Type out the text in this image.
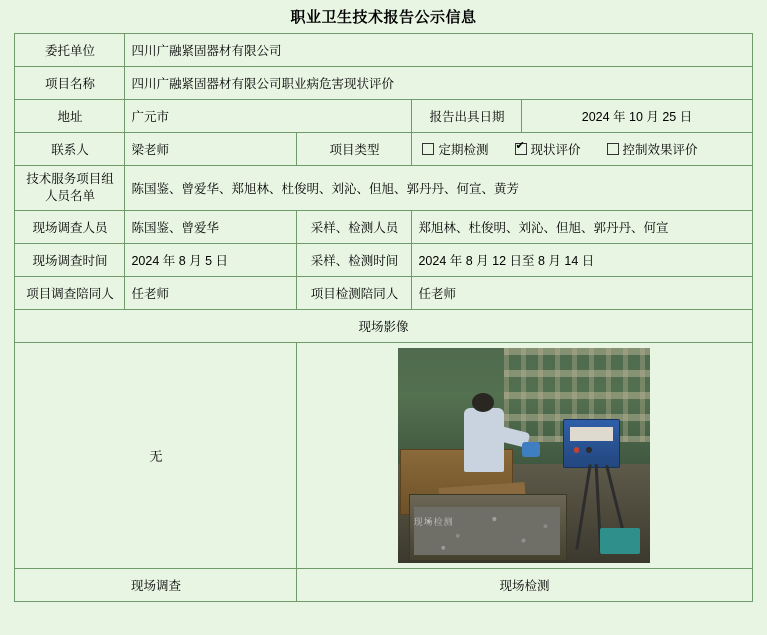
职业卫生技术报告公示信息
委托单位	四川广融紧固器材有限公司			
项目名称	四川广融紧固器材有限公司职业病危害现状评价			
地址	广元市		报告出具日期	2024 年 10 月 25 日
联系人	梁老师	项目类型	定期检测 ✔ 现状评价 控制效果评价

技术服务项目组
人员名单	陈国鉴、曾爱华、郑旭林、杜俊明、刘沁、但旭、郭丹丹、何宣、黄芳			
现场调查人员	陈国鉴、曾爱华	采样、检测人员	郑旭林、杜俊明、刘沁、但旭、郭丹丹、何宣	
现场调查时间	2024 年 8 月 5 日	采样、检测时间	2024 年 8 月 12 日至 8 月 14 日	
项目调查陪同人	任老师	项目检测陪同人	任老师	
现场影像				

无		现场检测		

现场调查		现场检测		
